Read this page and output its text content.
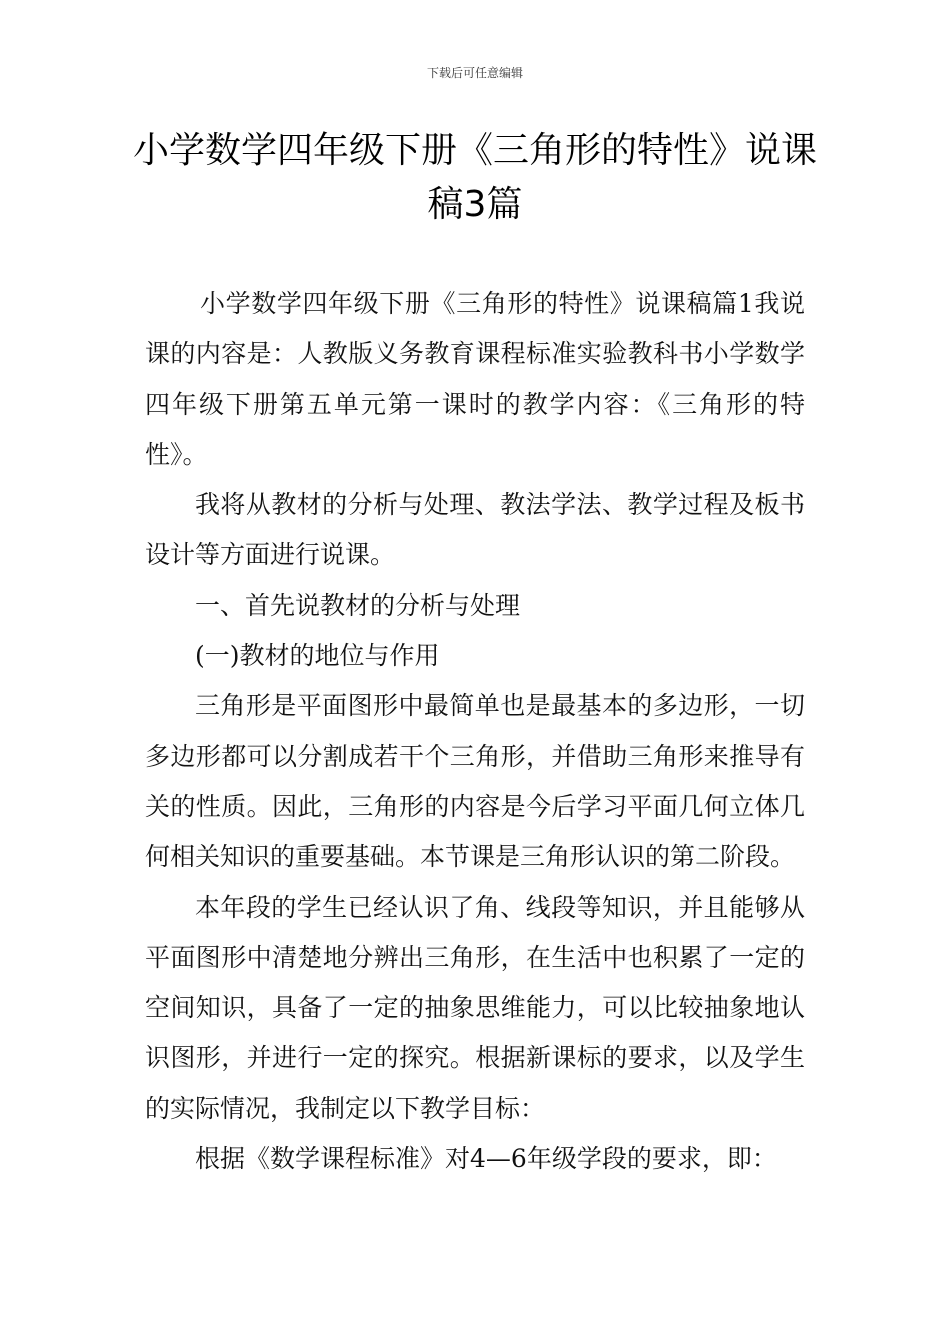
下载后可任意编辑
小学数学四年级下册《三角形的特性》说课稿3篇

小学数学四年级下册《三角形的特性》说课稿篇1我说课的内容是：人教版义务教育课程标准实验教科书小学数学四年级下册第五单元第一课时的教学内容：《三角形的特性》。

我将从教材的分析与处理、教法学法、教学过程及板书设计等方面进行说课。

一、首先说教材的分析与处理

(一)教材的地位与作用

三角形是平面图形中最简单也是最基本的多边形，一切多边形都可以分割成若干个三角形，并借助三角形来推导有关的性质。因此，三角形的内容是今后学习平面几何立体几何相关知识的重要基础。本节课是三角形认识的第二阶段。

本年段的学生已经认识了角、线段等知识，并且能够从平面图形中清楚地分辨出三角形，在生活中也积累了一定的空间知识，具备了一定的抽象思维能力，可以比较抽象地认识图形，并进行一定的探究。根据新课标的要求，以及学生的实际情况，我制定以下教学目标：

根据《数学课程标准》对4—6年级学段的要求，即：
